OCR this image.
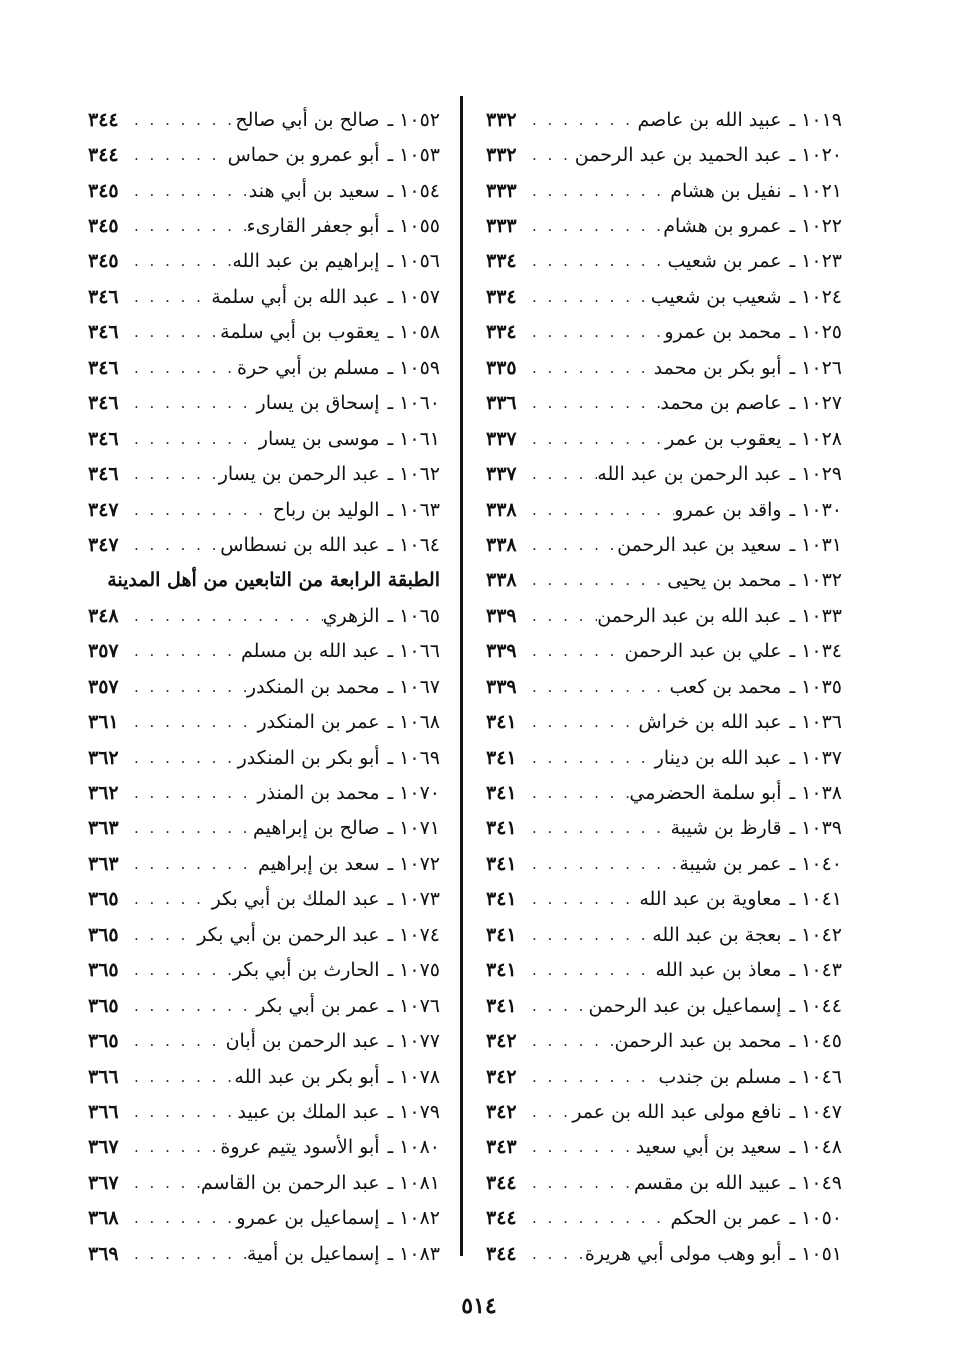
١٠١٩ ـ
عبيد الله بن عاصم
. . .
٣٣٢
١٠٢٠ ـ
عبد الحميد بن عبد الرحمن
. . .
٣٣٢
١٠٢١ ـ
نفيل بن هشام
. . .
٣٣٣
١٠٢٢ ـ
عمرو بن هشام
. . .
٣٣٣
١٠٢٣ ـ
عمر بن شعيب
. . .
٣٣٤
١٠٢٤ ـ
شعيب بن شعيب
. . .
٣٣٤
١٠٢٥ ـ
محمد بن عمرو
. . .
٣٣٤
١٠٢٦ ـ
أبو بكر بن محمد
. . .
٣٣٥
١٠٢٧ ـ
عاصم بن محمد
. . .
٣٣٦
١٠٢٨ ـ
يعقوب بن عمر
. . .
٣٣٧
١٠٢٩ ـ
عبد الرحمن بن عبد الله
. . .
٣٣٧
١٠٣٠ ـ
واقد بن عمرو
. . .
٣٣٨
١٠٣١ ـ
سعيد بن عبد الرحمن
. . .
٣٣٨
١٠٣٢ ـ
محمد بن يحيى
. . .
٣٣٨
١٠٣٣ ـ
عبد الله بن عبد الرحمن
. . .
٣٣٩
١٠٣٤ ـ
علي بن عبد الرحمن
. . .
٣٣٩
١٠٣٥ ـ
محمد بن كعب
. . .
٣٣٩
١٠٣٦ ـ
عبد الله بن خراش
. . .
٣٤١
١٠٣٧ ـ
عبد الله بن دينار
. . .
٣٤١
١٠٣٨ ـ
أبو سلمة الحضرمي
. . .
٣٤١
١٠٣٩ ـ
قارظ بن شيبة
. . .
٣٤١
١٠٤٠ ـ
عمر بن شيبة
. . .
٣٤١
١٠٤١ ـ
معاوية بن عبد الله
. . .
٣٤١
١٠٤٢ ـ
بعجة بن عبد الله
. . .
٣٤١
١٠٤٣ ـ
معاذ بن عبد الله
. . .
٣٤١
١٠٤٤ ـ
إسماعيل بن عبد الرحمن
. . .
٣٤١
١٠٤٥ ـ
محمد بن عبد الرحمن
. . .
٣٤٢
١٠٤٦ ـ
مسلم بن جندب
. . .
٣٤٢
١٠٤٧ ـ
نافع مولى عبد الله بن عمر
. . .
٣٤٢
١٠٤٨ ـ
سعيد بن أبي سعيد
. . .
٣٤٣
١٠٤٩ ـ
عبيد الله بن مقسم
. . .
٣٤٤
١٠٥٠ ـ
عمر بن الحكم
. . .
٣٤٤
١٠٥١ ـ
أبو وهب مولى أبي هريرة
. . .
٣٤٤
١٠٥٢ ـ
صالح بن أبي صالح
. . .
٣٤٤
١٠٥٣ ـ
أبو عمرو بن حماس
. . .
٣٤٤
١٠٥٤ ـ
سعيد بن أبي هند
. . .
٣٤٥
١٠٥٥ ـ
أبو جعفر القارىء
. . .
٣٤٥
١٠٥٦ ـ
إبراهيم بن عبد الله
. . .
٣٤٥
١٠٥٧ ـ
عبد الله بن أبي سلمة
. . .
٣٤٦
١٠٥٨ ـ
يعقوب بن أبي سلمة
. . .
٣٤٦
١٠٥٩ ـ
مسلم بن أبي حرة
. . .
٣٤٦
١٠٦٠ ـ
إسحاق بن يسار
. . .
٣٤٦
١٠٦١ ـ
موسى بن يسار
. . .
٣٤٦
١٠٦٢ ـ
عبد الرحمن بن يسار
. . .
٣٤٦
١٠٦٣ ـ
الوليد بن رباح
. . .
٣٤٧
١٠٦٤ ـ
عبد الله بن نسطاس
. . .
٣٤٧
الطبقة الرابعة من التابعين من أهل المدينة
١٠٦٥ ـ
الزهري
. . .
٣٤٨
١٠٦٦ ـ
عبد الله بن مسلم
. . .
٣٥٧
١٠٦٧ ـ
محمد بن المنكدر
. . .
٣٥٧
١٠٦٨ ـ
عمر بن المنكدر
. . .
٣٦١
١٠٦٩ ـ
أبو بكر بن المنكدر
. . .
٣٦٢
١٠٧٠ ـ
محمد بن المنذر
. . .
٣٦٢
١٠٧١ ـ
صالح بن إبراهيم
. . .
٣٦٣
١٠٧٢ ـ
سعد بن إبراهيم
. . .
٣٦٣
١٠٧٣ ـ
عبد الملك بن أبي بكر
. . .
٣٦٥
١٠٧٤ ـ
عبد الرحمن بن أبي بكر
. . .
٣٦٥
١٠٧٥ ـ
الحارث بن أبي بكر
. . .
٣٦٥
١٠٧٦ ـ
عمر بن أبي بكر
. . .
٣٦٥
١٠٧٧ ـ
عبد الرحمن بن أبان
. . .
٣٦٥
١٠٧٨ ـ
أبو بكر بن عبد الله
. . .
٣٦٦
١٠٧٩ ـ
عبد الملك بن عبيد
. . .
٣٦٦
١٠٨٠ ـ
أبو الأسود يتيم عروة
. . .
٣٦٧
١٠٨١ ـ
عبد الرحمن بن القاسم
. . .
٣٦٧
١٠٨٢ ـ
إسماعيل بن عمرو
. . .
٣٦٨
١٠٨٣ ـ
إسماعيل بن أمية
. . .
٣٦٩
٥١٤
